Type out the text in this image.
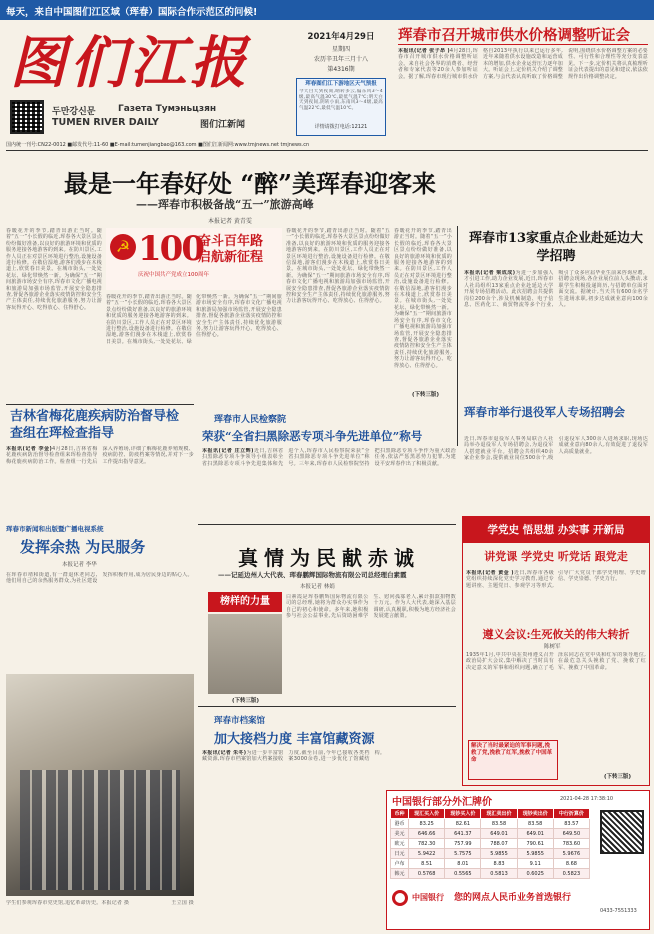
每天，来自中国图们江区域（珲春）国际合作示范区的问候!
图们江报
두만강신문	Газета Тумэньцзян
TUMEN RIVER DAILY	图们江新闻
2021年4月29日
星期四
农历辛丑年三月十八
第4316期
珲春图们江下游地区天气预报
今天白天到夜间,晴转多云,偏东风3～4级,最高气温30℃,最低气温7℃;明天白天到夜间,阴转小雨,东南风3～4级,最高气温22℃,最低气温10℃。
详情请拨打电话:12121
国内统一刊号:CN22-0012 ■邮发代号:11-60 ■E-mail:tumenjiangbao@163.com ■图们江新闻网:www.tmjnews.net tmjnews.cn
珲春市召开城市供水价格调整听证会
本报讯(记者 张子昂 )4月28日,珲春市召开城市供水价格调整听证会。来自社会各界的消费者、经营者和专家代表等20余人参加听证会。据了解,珲春市现行城市供水价格自2013年执行以来已运行多年,近年来随着供水设施改造和运营成本的增加,供水企业运营压力逐年加大。听证会上,定价机关介绍了调整方案,与会代表认真听取了价格调整说明,围绕供水价格调整方案的必要性、可行性和合理性等充分发表意见。下一步,定价机关将认真梳理听证会代表提出的意见和建议,依法依规作出价格调整决定。
最是一年春好处 “醉”美珲春迎客来
——珲春市积极备战“五一”旅游高峰
本报记者 黄青雯
春暖花开的季节,踏青出游正当时。随着“五一”小长假的临近,珲春各大景区景点纷纷做好准备,以良好的旅游环境和优质的服务迎接各地游客的到来。在防川景区,工作人员正在对景区环境进行整治,设施设备进行检修。在敬信湿地,游客们漫步在木栈道上,欣赏春日美景。在城市街头,一处处花坛、绿化带焕然一新。为确保“五一”期间旅游市场安全有序,珲春市文化广播电视和旅游局加强市场监管,开展安全隐患排查,督促各旅游企业落实疫情防控和安全生产主体责任,持续优化旅游服务,努力让游客玩得开心、吃得放心、住得舒心。
☭ 100
奋斗百年路 启航新征程
庆祝中国共产党成立100周年
春暖花开的季节,踏青出游正当时。随着“五一”小长假的临近,珲春各大景区景点纷纷做好准备,以良好的旅游环境和优质的服务迎接各地游客的到来。在防川景区,工作人员正在对景区环境进行整治,设施设备进行检修。在敬信湿地,游客们漫步在木栈道上,欣赏春日美景。在城市街头,一处处花坛、绿化带焕然一新。为确保“五一”期间旅游市场安全有序,珲春市文化广播电视和旅游局加强市场监管,开展安全隐患排查,督促各旅游企业落实疫情防控和安全生产主体责任,持续优化旅游服务,努力让游客玩得开心、吃得放心、住得舒心。
春暖花开的季节,踏青出游正当时。随着“五一”小长假的临近,珲春各大景区景点纷纷做好准备,以良好的旅游环境和优质的服务迎接各地游客的到来。在防川景区,工作人员正在对景区环境进行整治,设施设备进行检修。在敬信湿地,游客们漫步在木栈道上,欣赏春日美景。在城市街头,一处处花坛、绿化带焕然一新。为确保“五一”期间旅游市场安全有序,珲春市文化广播电视和旅游局加强市场监管,开展安全隐患排查,督促各旅游企业落实疫情防控和安全生产主体责任,持续优化旅游服务,努力让游客玩得开心、吃得放心、住得舒心。
春暖花开的季节,踏青出游正当时。随着“五一”小长假的临近,珲春各大景区景点纷纷做好准备,以良好的旅游环境和优质的服务迎接各地游客的到来。在防川景区,工作人员正在对景区环境进行整治,设施设备进行检修。在敬信湿地,游客们漫步在木栈道上,欣赏春日美景。在城市街头,一处处花坛、绿化带焕然一新。为确保“五一”期间旅游市场安全有序,珲春市文化广播电视和旅游局加强市场监管,开展安全隐患排查,督促各旅游企业落实疫情防控和安全生产主体责任,持续优化旅游服务,努力让游客玩得开心、吃得放心、住得舒心。
(下转三版)
珲春市13家重点企业赴延边大学招聘
本报讯(记者 梁成成)为进一步加强人才引进工作,助力企业发展,近日,珲春市人社局组织13家重点企业赴延边大学开展专场招聘活动。此次招聘会共提供岗位200余个,涉及机械制造、电子信息、医药化工、商贸物流等多个行业,吸引了众多应届毕业生前来咨询应聘。招聘会现场,各企业展位前人头攒动,求职学生积极投递简历,与招聘单位面对面交流。据统计,当天共有600余名学生进场求职,初步达成就业意向100余人。
珲春市举行退役军人专场招聘会
近日,珲春市退役军人事务局联合人社局举办退役军人专场招聘会,为退役军人搭建就业平台。招聘会共组织40余家企业参会,提供就业岗位500余个,吸引退役军人300余人进场求职,现场达成就业意向80余人,有效促进了退役军人高质量就业。
吉林省梅花鹿疾病防治督导检查组在珲检查指导
本报讯(记者 李金)4月28日,吉林省梅花鹿疾病防治督导检查组来珲检查指导梅花鹿疾病防治工作。检查组一行先后深入养殖场,详细了解梅花鹿养殖规模、疫病防控、防疫档案等情况,并对下一步工作提出指导意见。
珲春市新闻和出版暨广播电视系统
发挥余热 为民服务
本报记者 李华
在珲春市靖和街道,有一群退休老同志,他们用自己的余热服务群众,为社区建设发挥积极作用,成为居民身边的贴心人。
珲春市人民检察院
荣获“全省扫黑除恶专项斗争先进单位”称号
本报讯(记者 庄立辉)近日,吉林省扫黑除恶专项斗争领导小组表彰全省扫黑除恶专项斗争先进集体和先进个人,珲春市人民检察院荣获“全省扫黑除恶专项斗争先进单位”称号。三年来,珲春市人民检察院坚持把扫黑除恶专项斗争作为重大政治任务,依法严惩黑恶势力犯罪,为建设平安珲春作出了积极贡献。
真情为民献赤诚
——记延边州人大代表、珲春鹏辉国际物流有限公司总经理白素霞
本报记者 林娟
榜样的力量	白素霞是珲春鹏辉国际物流有限公司的总经理,她将为群众办实事作为自己的初心和使命。多年来,她积极参与社会公益事业,先后资助困难学生、慰问孤寡老人,累计捐款捐物数十万元。作为人大代表,她深入基层调研,认真履职,积极为地方经济社会发展建言献策。
(下转三版)
学党史 悟思想 办实事 开新局
讲党课 学党史 听党话 跟党走
本报讯(记者 黄金 )近日,珲春市各级党组织持续深化党史学习教育,通过专题讲座、主题党日、参观学习等形式,引导广大党员干部学史明理、学史增信、学史崇德、学史力行。
遵义会议:生死攸关的伟大转折
陈树军
1935年1月,中共中央在贵州遵义召开政治局扩大会议,集中解决了当时具有决定意义的军事和组织问题,确立了毛泽东同志在党中央和红军的领导地位,在最危急关头挽救了党、挽救了红军、挽救了中国革命。
解决了当时最紧迫的军事问题,挽救了党,挽救了红军,挽救了中国革命
(下转三版)
学生们参观珲春市党史馆,追忆革命历史。本报记者 摄	王立国 摄
珲春市档案馆
加大接档力度 丰富馆藏资源
本报讯(记者 朱冬)为进一步丰富馆藏资源,珲春市档案馆加大档案接收力度,截至目前,今年已接收各类档案3000余卷,进一步优化了馆藏结构。
中国银行部分外汇牌价	2021-04-28 17:38:10
币种	现汇买入价	现钞买入价	现汇卖出价	现钞卖出价	中行折算价
港币	83.25	82.61	83.58	83.58	83.57
美元	646.66	641.37	649.01	649.01	649.50
欧元	782.30	757.99	788.07	790.61	783.60
日元	5.9422	5.7575	5.9855	5.9855	5.9676
卢布	8.51	8.01	8.83	9.11	8.68
韩元	0.5768	0.5565	0.5813	0.6025	0.5823
中国银行 您的网点人民币业务首选银行
0433-7551333
